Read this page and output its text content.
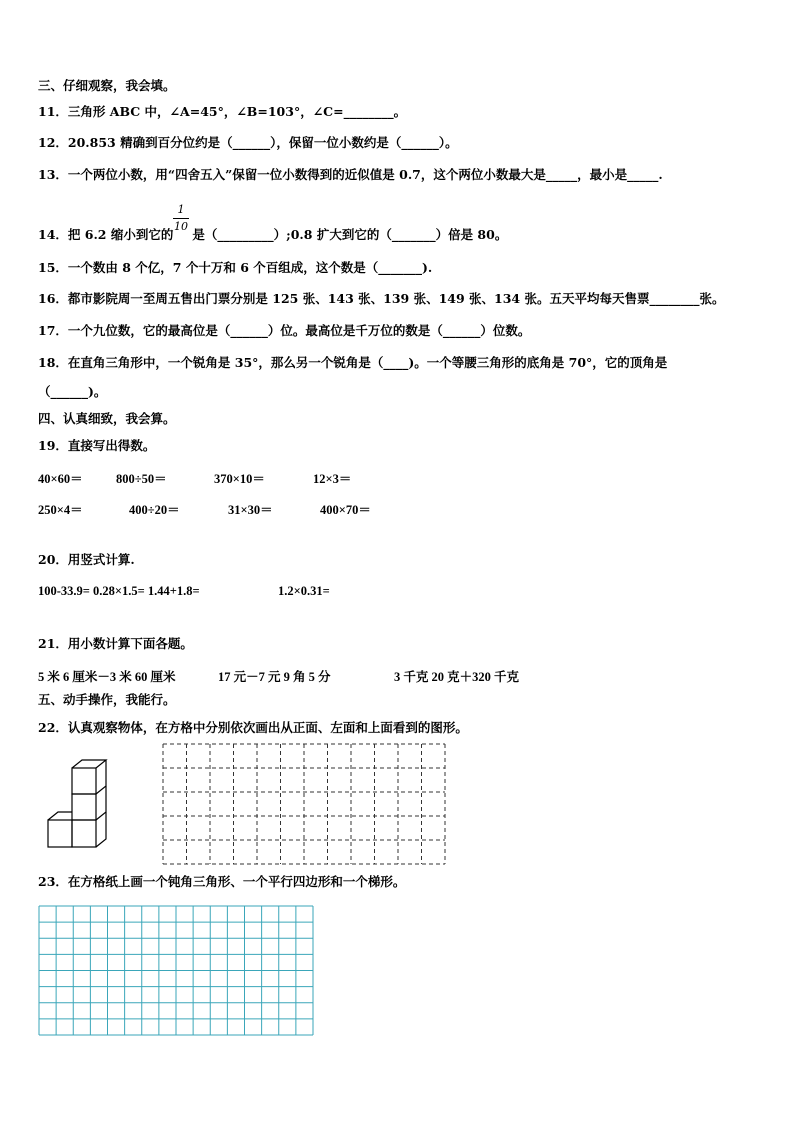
三、仔细观察，我会填。
11．三角形 ABC 中，∠A=45°，∠B=103°，∠C=________。
12．20.853 精确到百分位约是（______），保留一位小数约是（______）。
13．一个两位小数，用“四舍五入”保留一位小数得到的近似值是 0.7，这个两位小数最大是_____，最小是_____.
14．把 6.2 缩小到它的 是（_________）;0.8 扩大到它的（_______）倍是 80。
1
10
15．一个数由 8 个亿，7 个十万和 6 个百组成，这个数是（_______).
16．都市影院周一至周五售出门票分别是 125 张、143 张、139 张、149 张、134 张。五天平均每天售票________张。
17．一个九位数，它的最高位是（______）位。最高位是千万位的数是（______）位数。
18．在直角三角形中，一个锐角是 35°，那么另一个锐角是（____)。一个等腰三角形的底角是 70°，它的顶角是
（______)。
四、认真细致，我会算。
19．直接写出得数。
40×60＝	800÷50＝	370×10＝	12×3＝
250×4＝	400÷20＝	31×30＝	400×70＝
20．用竖式计算.
100-33.9= 0.28×1.5= 1.44+1.8=	1.2×0.31=
21．用小数计算下面各题。
5 米 6 厘米－3 米 60 厘米	17 元－7 元 9 角 5 分	3 千克 20 克＋320 千克
五、动手操作，我能行。
22．认真观察物体，在方格中分别依次画出从正面、左面和上面看到的图形。
23．在方格纸上画一个钝角三角形、一个平行四边形和一个梯形。
